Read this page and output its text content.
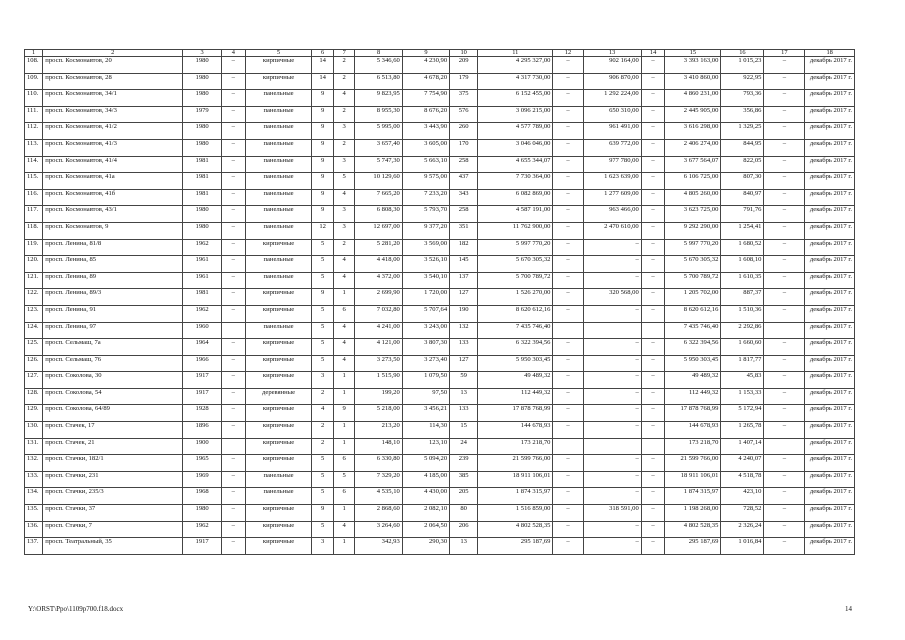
1	2	3	4	5	6	7	8	9	10	11	12	13	14	15	16	17	18
108.	просп. Космонавтов, 20	1980	–	кирпичные	14	2	5 346,60	4 230,90	209	4 295 327,00	–	902 164,00	–	3 393 163,00	1 015,23	–	декабрь 2017 г.
109.	просп. Космонавтов, 28	1980	–	кирпичные	14	2	6 513,80	4 678,20	179	4 317 730,00	–	906 870,00	–	3 410 860,00	922,95	–	декабрь 2017 г.
110.	просп. Космонавтов, 34/1	1980	–	панельные	9	4	9 823,95	7 754,90	375	6 152 455,00	–	1 292 224,00	–	4 860 231,00	793,36	–	декабрь 2017 г.
111.	просп. Космонавтов, 34/3	1979	–	панельные	9	2	8 955,30	8 676,20	576	3 096 215,00	–	650 310,00	–	2 445 905,00	356,86	–	декабрь 2017 г.
112.	просп. Космонавтов, 41/2	1980	–	панельные	9	3	5 995,00	3 443,90	260	4 577 789,00	–	961 491,00	–	3 616 298,00	1 329,25	–	декабрь 2017 г.
113.	просп. Космонавтов, 41/3	1980	–	панельные	9	2	3 657,40	3 605,00	170	3 046 046,00	–	639 772,00	–	2 406 274,00	844,95	–	декабрь 2017 г.
114.	просп. Космонавтов, 41/4	1981	–	панельные	9	3	5 747,30	5 663,10	258	4 655 344,07	–	977 780,00	–	3 677 564,07	822,05	–	декабрь 2017 г.
115.	просп. Космонавтов, 41а	1981	–	панельные	9	5	10 129,60	9 575,00	437	7 730 364,00	–	1 623 639,00	–	6 106 725,00	807,30	–	декабрь 2017 г.
116.	просп. Космонавтов, 41б	1981	–	панельные	9	4	7 665,20	7 233,20	343	6 082 869,00	–	1 277 609,00	–	4 805 260,00	840,97	–	декабрь 2017 г.
117.	просп. Космонавтов, 43/1	1980	–	панельные	9	3	6 808,30	5 793,70	258	4 587 191,00	–	963 466,00	–	3 623 725,00	791,76	–	декабрь 2017 г.
118.	просп. Космонавтов, 9	1980	–	панельные	12	3	12 697,00	9 377,20	351	11 762 900,00	–	2 470 610,00	–	9 292 290,00	1 254,41	–	декабрь 2017 г.
119.	просп. Ленина, 81/8	1962	–	кирпичные	5	2	5 281,20	3 569,00	182	5 997 770,20	–	–	–	5 997 770,20	1 680,52	–	декабрь 2017 г.
120.	просп. Ленина, 85	1961	–	панельные	5	4	4 418,00	3 526,10	145	5 670 305,32	–	–	–	5 670 305,32	1 608,10	–	декабрь 2017 г.
121.	просп. Ленина, 89	1961	–	панельные	5	4	4 372,00	3 540,10	137	5 700 789,72	–	–	–	5 700 789,72	1 610,35	–	декабрь 2017 г.
122.	просп. Ленина, 89/3	1981	–	кирпичные	9	1	2 699,90	1 720,00	127	1 526 270,00	–	320 568,00	–	1 205 702,00	887,37	–	декабрь 2017 г.
123.	просп. Ленина, 91	1962	–	кирпичные	5	6	7 032,80	5 707,64	190	8 620 612,16	–	–	–	8 620 612,16	1 510,36	–	декабрь 2017 г.
124.	просп. Ленина, 97	1960		панельные	5	4	4 241,00	3 243,00	132	7 435 746,40				7 435 746,40	2 292,86		декабрь 2017 г.
125.	просп. Сельмаш, 7а	1964	–	кирпичные	5	4	4 121,00	3 807,30	133	6 322 394,56	–	–	–	6 322 394,56	1 660,60	–	декабрь 2017 г.
126.	просп. Сельмаш, 76	1966	–	кирпичные	5	4	3 273,50	3 273,40	127	5 950 303,45	–	–	–	5 950 303,45	1 817,77	–	декабрь 2017 г.
127.	просп. Соколова, 30	1917	–	кирпичные	3	1	1 515,90	1 079,50	59	49 489,32	–	–	–	49 489,32	45,83	–	декабрь 2017 г.
128.	просп. Соколова, 54	1917	–	деревянные	2	1	199,20	97,50	13	112 449,32	–	–	–	112 449,32	1 153,33	–	декабрь 2017 г.
129.	просп. Соколова, 64/89	1928	–	кирпичные	4	9	5 218,00	3 456,21	133	17 878 768,99	–	–	–	17 878 768,99	5 172,94	–	декабрь 2017 г.
130.	просп. Стачек, 17	1896	–	кирпичные	2	1	213,20	114,30	15	144 678,93	–	–	–	144 678,93	1 265,78	–	декабрь 2017 г.
131.	просп. Стачек, 21	1900		кирпичные	2	1	148,10	123,10	24	173 218,70				173 218,70	1 407,14		декабрь 2017 г.
132.	просп. Стачки, 182/1	1965	–	кирпичные	5	6	6 330,80	5 094,20	239	21 599 766,00	–	–	–	21 599 766,00	4 240,07	–	декабрь 2017 г.
133.	просп. Стачки, 231	1969	–	панельные	5	5	7 329,20	4 185,00	385	18 911 106,01	–	–	–	18 911 106,01	4 518,78	–	декабрь 2017 г.
134.	просп. Стачки, 235/3	1968	–	панельные	5	6	4 535,10	4 430,00	205	1 874 315,97	–	–	–	1 874 315,97	423,10	–	декабрь 2017 г.
135.	просп. Стачки, 37	1980	–	кирпичные	9	1	2 868,60	2 082,10	80	1 516 859,00	–	318 591,00	–	1 198 268,00	728,52	–	декабрь 2017 г.
136.	просп. Стачки, 7	1962	–	кирпичные	5	4	3 264,60	2 064,50	206	4 802 528,35	–	–	–	4 802 528,35	2 326,24	–	декабрь 2017 г.
137.	просп. Театральный, 35	1917	–	кирпичные	3	1	342,93	290,30	13	295 187,69	–	–	–	295 187,69	1 016,84	–	декабрь 2017 г.
Y:\ORST\Ppo\1109p700.f18.docx	14
